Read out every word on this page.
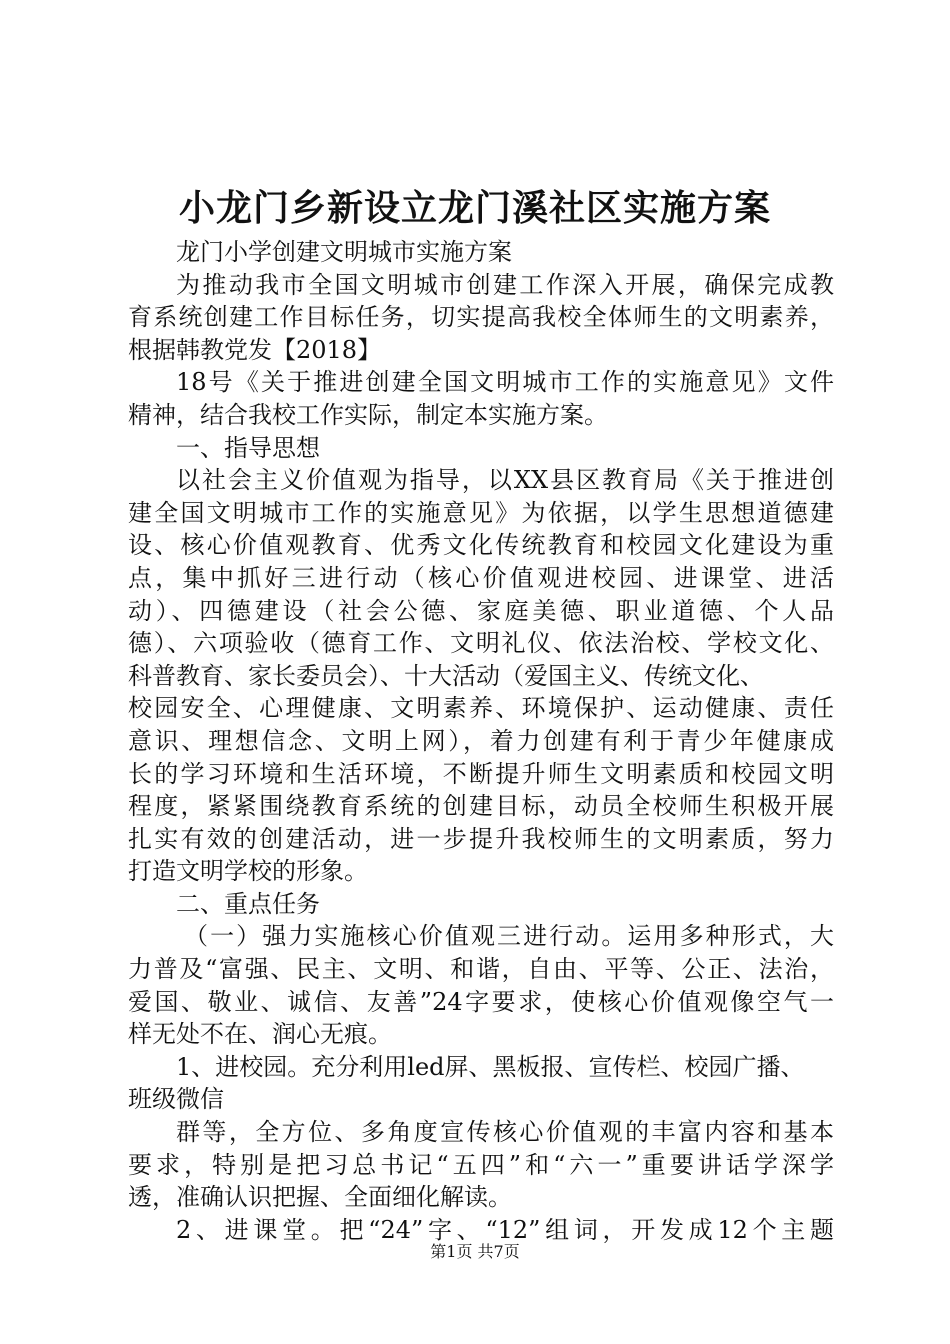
小龙门乡新设立龙门溪社区实施方案
龙门小学创建文明城市实施方案
为推动我市全国文明城市创建工作深入开展，确保完成教
育系统创建工作目标任务，切实提高我校全体师生的文明素养，
根据韩教党发【2018】
18号《关于推进创建全国文明城市工作的实施意见》文件
精神，结合我校工作实际，制定本实施方案。
一、指导思想
以社会主义价值观为指导，以XX县区教育局《关于推进创
建全国文明城市工作的实施意见》为依据，以学生思想道德建
设、核心价值观教育、优秀文化传统教育和校园文化建设为重
点，集中抓好三进行动（核心价值观进校园、进课堂、进活
动）、四德建设（社会公德、家庭美德、职业道德、个人品
德）、六项验收（德育工作、文明礼仪、依法治校、学校文化、
科普教育、家长委员会）、十大活动（爱国主义、传统文化、
校园安全、心理健康、文明素养、环境保护、运动健康、责任
意识、理想信念、文明上网），着力创建有利于青少年健康成
长的学习环境和生活环境，不断提升师生文明素质和校园文明
程度，紧紧围绕教育系统的创建目标，动员全校师生积极开展
扎实有效的创建活动，进一步提升我校师生的文明素质，努力
打造文明学校的形象。
二、重点任务
（一）强力实施核心价值观三进行动。运用多种形式，大
力普及“富强、民主、文明、和谐，自由、平等、公正、法治，
爱国、敬业、诚信、友善”24字要求，使核心价值观像空气一
样无处不在、润心无痕。
1、进校园。充分利用led屏、黑板报、宣传栏、校园广播、
班级微信
群等，全方位、多角度宣传核心价值观的丰富内容和基本
要求，特别是把习总书记“五四”和“六一”重要讲话学深学
透，准确认识把握、全面细化解读。
2、进课堂。把“24”字、“12”组词，开发成12个主题
第1页 共7页
